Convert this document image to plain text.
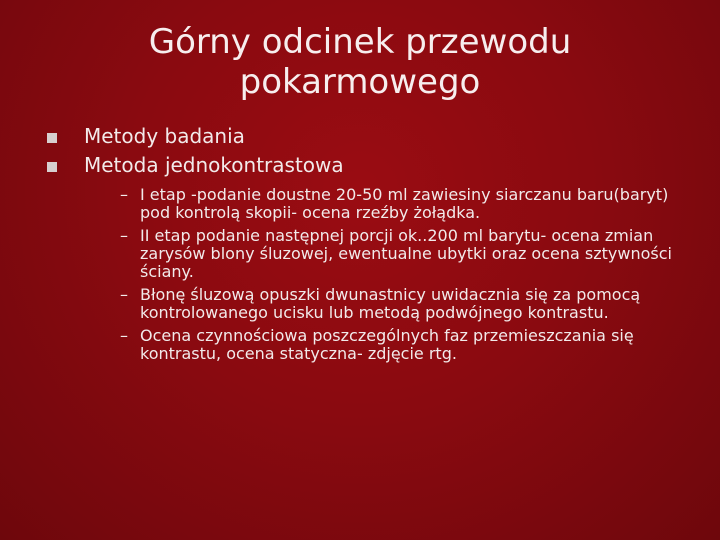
Górny odcinek przewodu pokarmowego
Metody badania
Metoda jednokontrastowa
– I etap -podanie doustne 20-50 ml zawiesiny siarczanu baru(baryt) pod kontrolą skopii- ocena rzeźby żołądka.
– II etap podanie następnej porcji ok..200 ml barytu- ocena zmian zarysów blony śluzowej, ewentualne ubytki oraz ocena sztywności ściany.
– Błonę śluzową opuszki dwunastnicy uwidacznia się za pomocą kontrolowanego ucisku lub metodą podwójnego kontrastu.
– Ocena czynnościowa poszczególnych faz przemieszczania się kontrastu, ocena statyczna- zdjęcie rtg.
